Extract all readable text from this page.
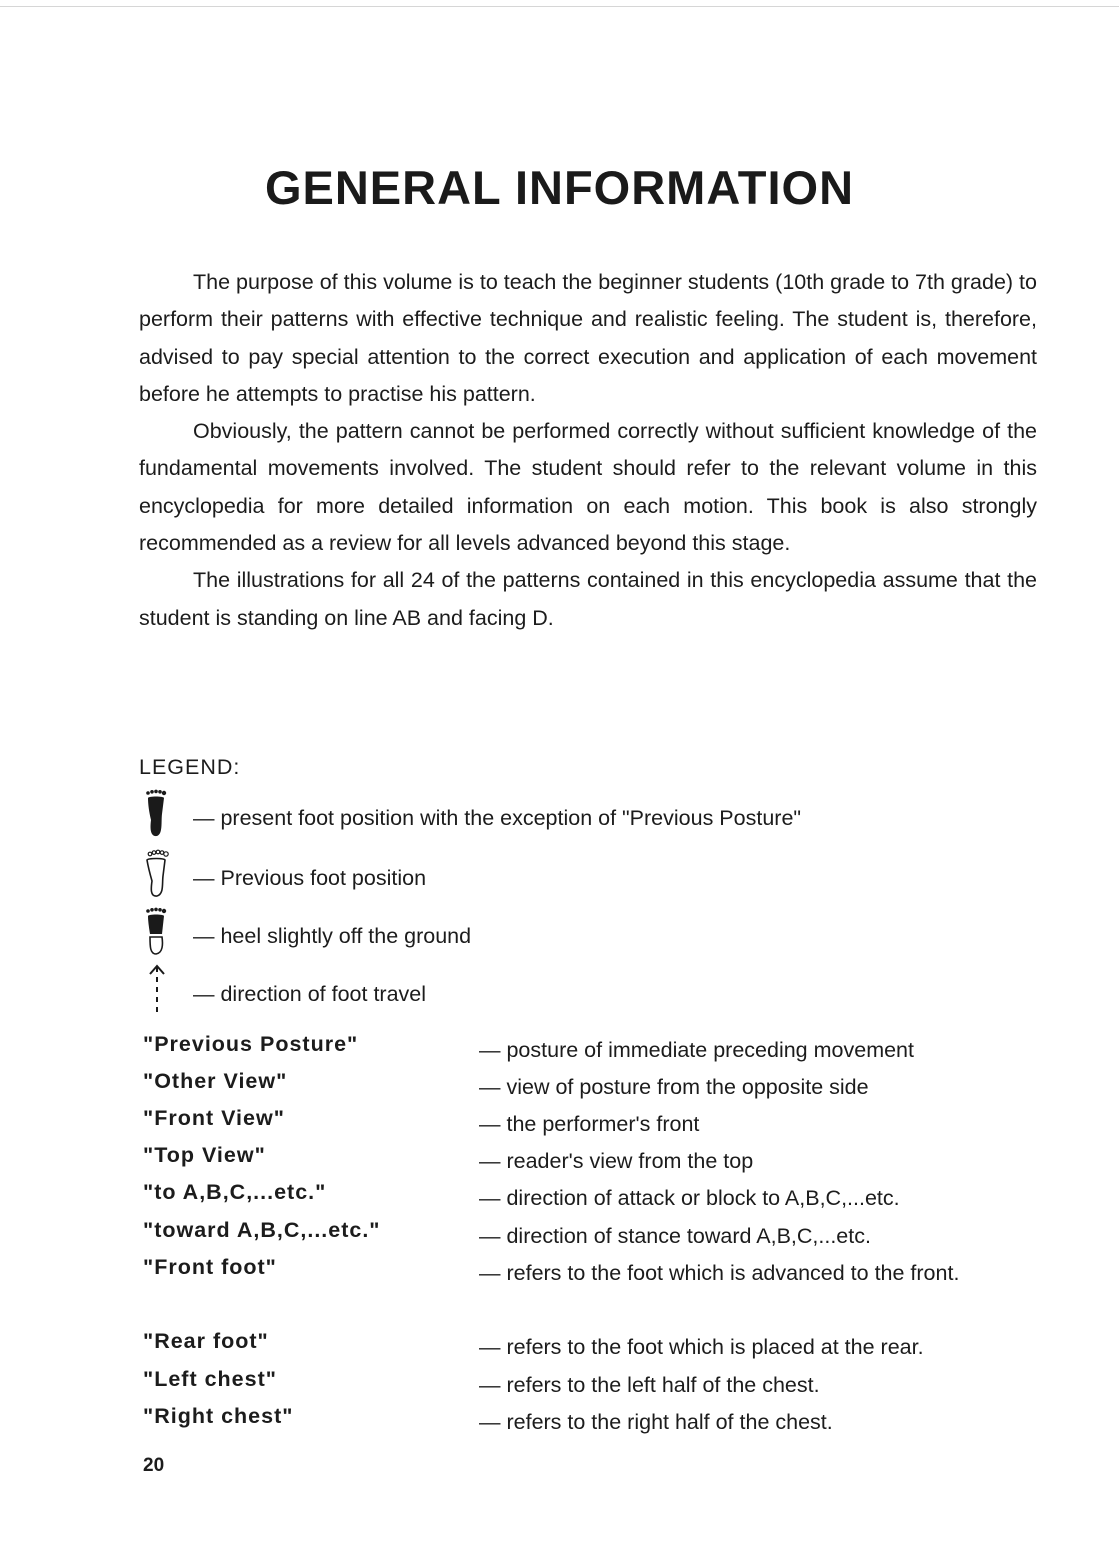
GENERAL INFORMATION

The purpose of this volume is to teach the beginner students (10th grade to 7th grade) to perform their patterns with effective technique and realistic feeling. The student is, therefore, advised to pay special attention to the correct execution and application of each movement before he attempts to practise his pattern.

Obviously, the pattern cannot be performed correctly without sufficient knowledge of the fundamental movements involved. The student should refer to the relevant volume in this encyclopedia for more detailed information on each motion. This book is also strongly recommended as a review for all levels advanced beyond this stage.

The illustrations for all 24 of the patterns contained in this encyclopedia assume that the student is standing on line AB and facing D.

LEGEND:
— present foot position with the exception of "Previous Posture"
— Previous foot position
— heel slightly off the ground
— direction of foot travel
"Previous Posture"	— posture of immediate preceding movement
"Other View"	— view of posture from the opposite side
"Front View"	— the performer's front
"Top View"	— reader's view from the top
"to A,B,C,...etc."	— direction of attack or block to A,B,C,...etc.
"toward A,B,C,...etc."	— direction of stance toward A,B,C,...etc.
"Front foot"	— refers to the foot which is advanced to the front.
"Rear foot"	— refers to the foot which is placed at the rear.
"Left chest"	— refers to the left half of the chest.
"Right chest"	— refers to the right half of the chest.
20
